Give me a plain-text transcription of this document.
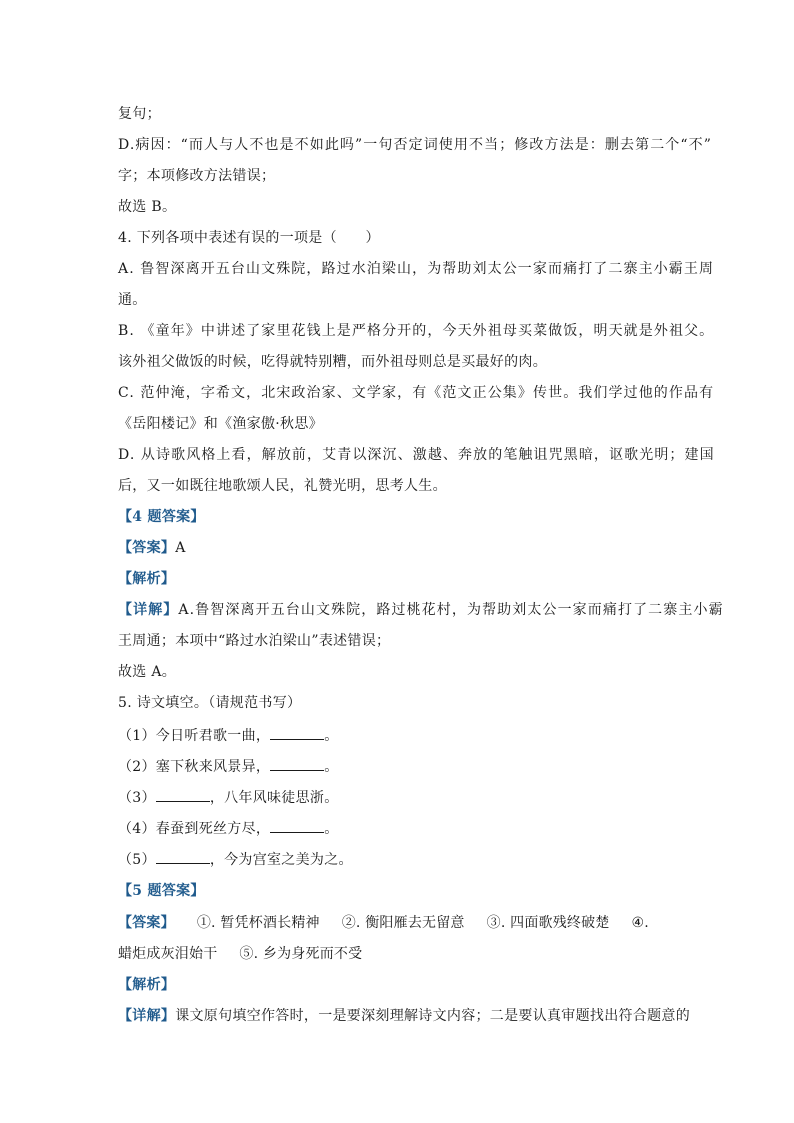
复句；
D.病因：“而人与人不也是不如此吗”一句否定词使用不当；修改方法是：删去第二个“不”
字；本项修改方法错误；
故选 B。
4. 下列各项中表述有误的一项是（　　）
A. 鲁智深离开五台山文殊院，路过水泊梁山，为帮助刘太公一家而痛打了二寨主小霸王周
通。
B. 《童年》中讲述了家里花钱上是严格分开的，今天外祖母买菜做饭，明天就是外祖父。
该外祖父做饭的时候，吃得就特别糟，而外祖母则总是买最好的肉。
C. 范仲淹，字希文，北宋政治家、文学家，有《范文正公集》传世。我们学过他的作品有
《岳阳楼记》和《渔家傲·秋思》
D. 从诗歌风格上看，解放前，艾青以深沉、激越、奔放的笔触诅咒黑暗，讴歌光明；建国
后，又一如既往地歌颂人民，礼赞光明，思考人生。
【4 题答案】
【答案】A
【解析】
【详解】A.鲁智深离开五台山文殊院，路过桃花村，为帮助刘太公一家而痛打了二寨主小霸
王周通；本项中“路过水泊梁山”表述错误；
故选 A。
5. 诗文填空。（请规范书写）
（1）今日听君歌一曲，	。
（2）塞下秋来风景异，	。
（3）	，八年风味徒思浙。
（4）春蚕到死丝方尽，	。
（5）	，今为宫室之美为之。
【5 题答案】
【答案】 ①. 暂凭杯酒长精神 ②. 衡阳雁去无留意 ③. 四面歌残终破楚 ④.
蜡炬成灰泪始干 ⑤. 乡为身死而不受
【解析】
【详解】课文原句填空作答时，一是要深刻理解诗文内容；二是要认真审题找出符合题意的
